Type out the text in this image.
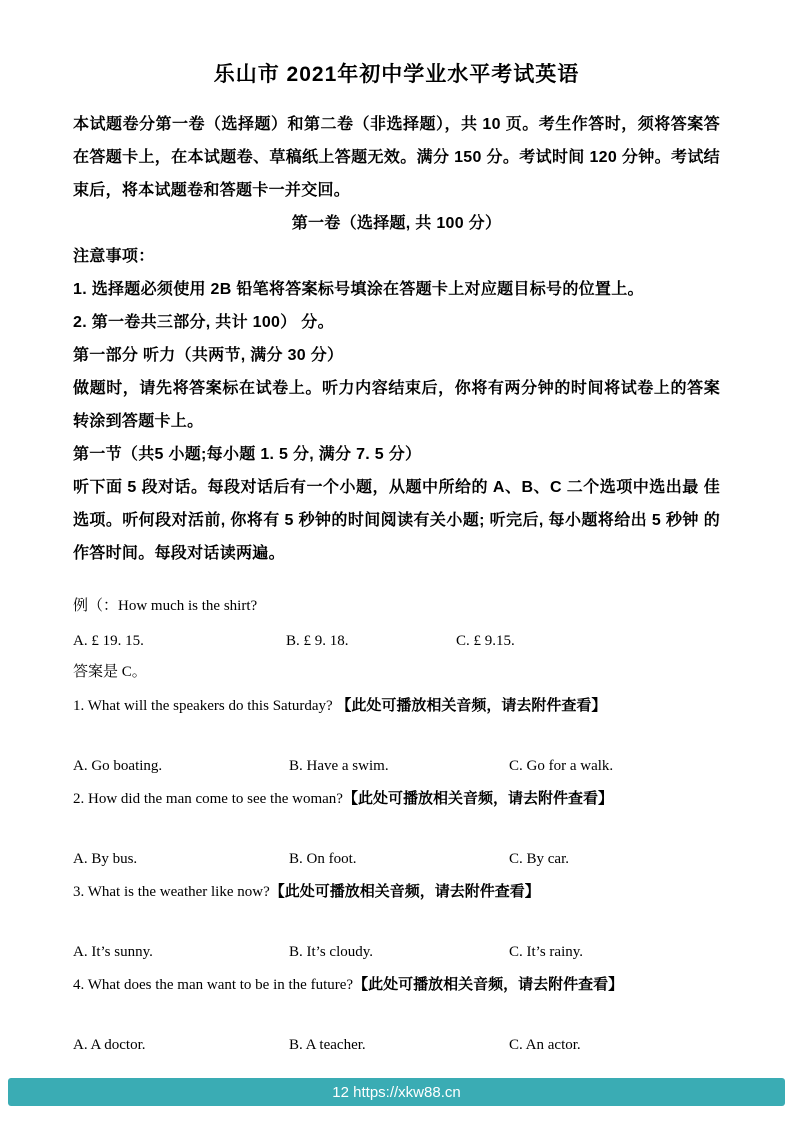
乐山市 2021年初中学业水平考试英语

本试题卷分第一卷（选择题）和第二卷（非选择题），共 10 页。考生作答时，须将答案答在答题卡上，在本试题卷、草稿纸上答题无效。满分 150 分。考试时间 120 分钟。考试结束后，将本试题卷和答题卡一并交回。

第一卷（选择题, 共 100 分）

注意事项：

1. 选择题必须使用 2B 铅笔将答案标号填涂在答题卡上对应题目标号的位置上。

2. 第一卷共三部分, 共计 100） 分。

第一部分 听力（共两节, 满分 30 分）

做题时，请先将答案标在试卷上。听力内容结束后，你将有两分钟的时间将试卷上的答案转涂到答题卡上。

第一节（共5 小题;每小题 1. 5 分, 满分 7. 5 分）

听下面 5 段对话。每段对话后有一个小题，从题中所给的 A、B、C 二个选项中选出最 佳选项。听何段对活前, 你将有 5 秒钟的时间阅读有关小题; 听完后, 每小题将给出 5 秒钟 的作答时间。每段对话读两遍。

例（：How much is the shirt?

A. £ 19. 15.	B. £ 9. 18.	C. £ 9.15.

答案是 C。

1. What will the speakers do this Saturday? 【此处可播放相关音频，请去附件查看】

A. Go boating.	B. Have a swim.	C. Go for a walk.

2. How did the man come to see the woman?【此处可播放相关音频，请去附件查看】

A. By bus.	B. On foot.	C. By car.

3. What is the weather like now?【此处可播放相关音频，请去附件查看】

A. It’s sunny.	B. It’s cloudy.	C. It’s rainy.

4. What does the man want to be in the future?【此处可播放相关音频，请去附件查看】

A. A doctor.	B. A teacher.	C. An actor.
12 https://xkw88.cn
